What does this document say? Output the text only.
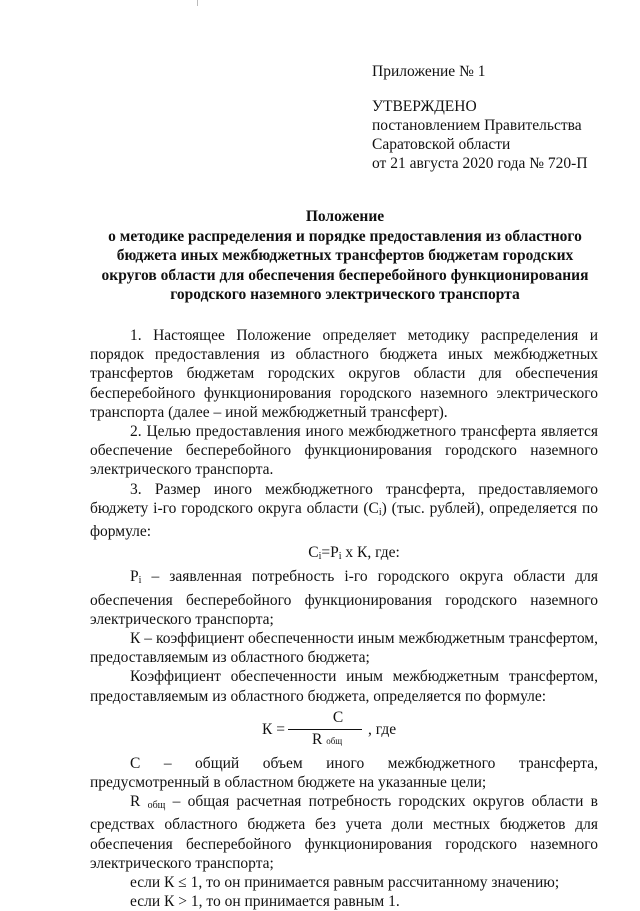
Приложение № 1
УТВЕРЖДЕНО
постановлением Правительства
Саратовской области
от 21 августа 2020 года № 720-П
Положение
о методике распределения и порядке предоставления из областного
бюджета иных межбюджетных трансфертов бюджетам городских
округов области для обеспечения бесперебойного функционирования
городского наземного электрического транспорта

1. Настоящее Положение определяет методику распределения и порядок предоставления из областного бюджета иных межбюджетных трансфертов бюджетам городских округов области для обеспечения бесперебойного функционирования городского наземного электрического транспорта (далее – иной межбюджетный трансферт).

2. Целью предоставления иного межбюджетного трансферта является обеспечение бесперебойного функционирования городского наземного электрического транспорта.

3. Размер иного межбюджетного трансферта, предоставляемого бюджету i-го городского округа области $(С_i)$ (тыс. рублей), определяется по формуле:

$С_i=P_i$ х К, где:

$Р_i$ – заявленная потребность i-го городского округа области для обеспечения бесперебойного функционирования городского наземного электрического транспорта;

К – коэффициент обеспеченности иным межбюджетным трансфертом, предоставляемым из областного бюджета;

Коэффициент обеспеченности иным межбюджетным трансфертом, предоставляемым из областного бюджета, определяется по формуле:

К =
С
R общ
, где

С – общий объем иного межбюджетного трансферта, предусмотренный в областном бюджете на указанные цели;

R $_{общ}$ – общая расчетная потребность городских округов области в средствах областного бюджета без учета доли местных бюджетов для обеспечения бесперебойного функционирования городского наземного электрического транспорта;

если К ≤ 1, то он принимается равным рассчитанному значению;

если К > 1, то он принимается равным 1.
